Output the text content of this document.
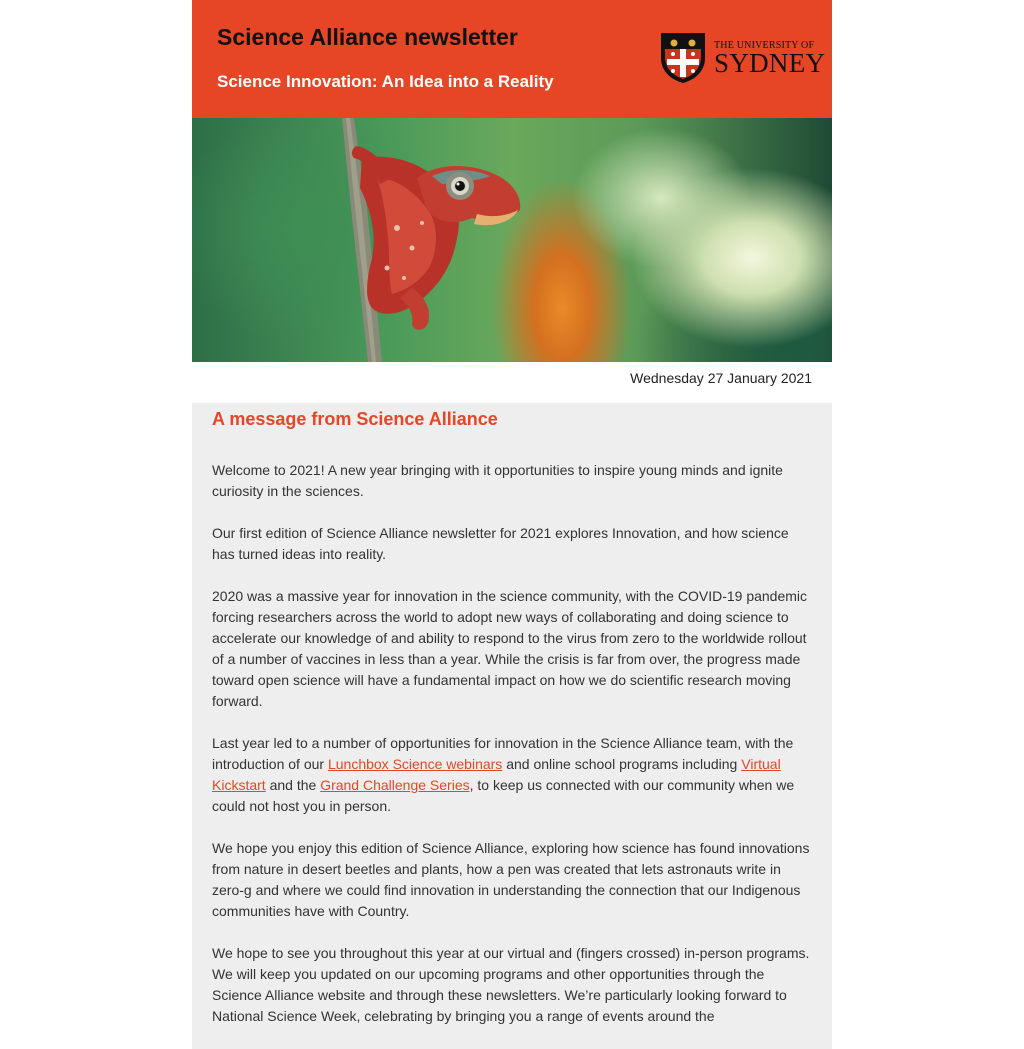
Science Alliance newsletter
Science Innovation: An Idea into a Reality
THE UNIVERSITY OF
SYDNEY
Wednesday 27 January 2021
A message from Science Alliance

Welcome to 2021! A new year bringing with it opportunities to inspire young minds and ignite curiosity in the sciences.

Our first edition of Science Alliance newsletter for 2021 explores Innovation, and how science has turned ideas into reality.

2020 was a massive year for innovation in the science community, with the COVID-19 pandemic forcing researchers across the world to adopt new ways of collaborating and doing science to accelerate our knowledge of and ability to respond to the virus from zero to the worldwide rollout of a number of vaccines in less than a year. While the crisis is far from over, the progress made toward open science will have a fundamental impact on how we do scientific research moving forward.

Last year led to a number of opportunities for innovation in the Science Alliance team, with the introduction of our Lunchbox Science webinars and online school programs including Virtual Kickstart and the Grand Challenge Series, to keep us connected with our community when we could not host you in person.

We hope you enjoy this edition of Science Alliance, exploring how science has found innovations from nature in desert beetles and plants, how a pen was created that lets astronauts write in zero-g and where we could find innovation in understanding the connection that our Indigenous communities have with Country.

We hope to see you throughout this year at our virtual and (fingers crossed) in-person programs. We will keep you updated on our upcoming programs and other opportunities through the Science Alliance website and through these newsletters. We’re particularly looking forward to National Science Week, celebrating by bringing you a range of events around the
